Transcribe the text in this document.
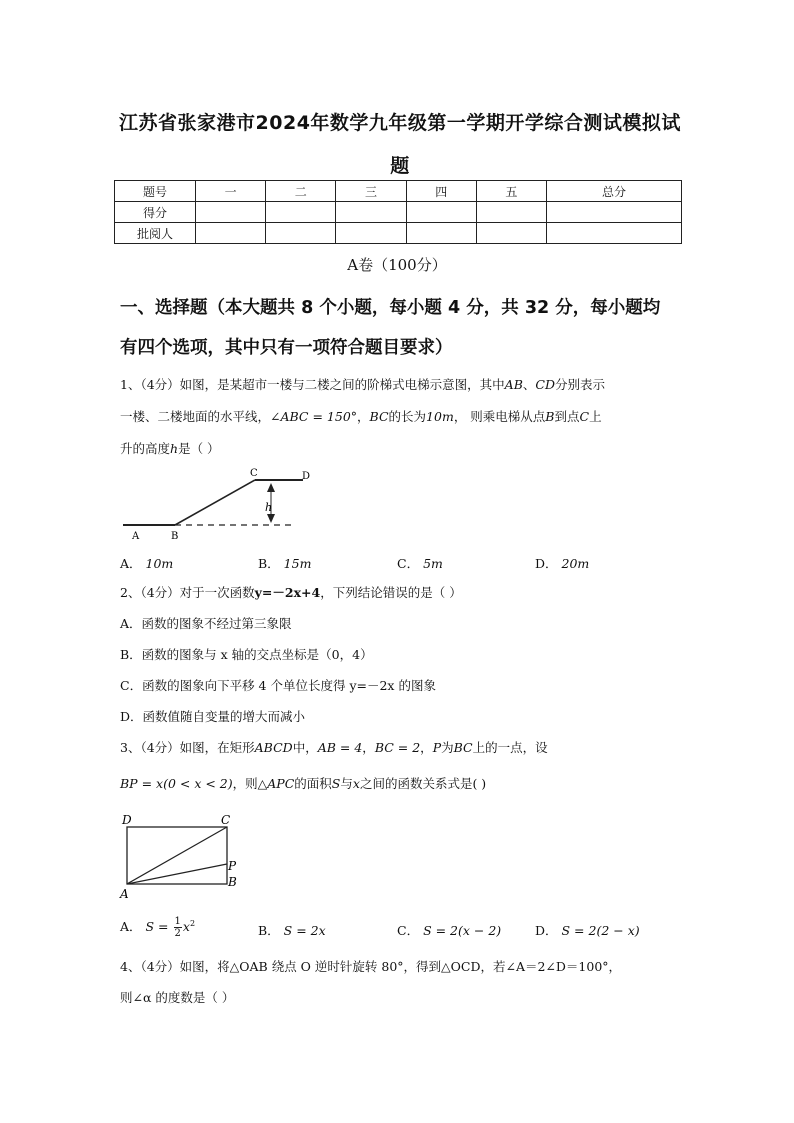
江苏省张家港市2024年数学九年级第一学期开学综合测试模拟试
题
题号	一	二	三	四	五	总分
得分						
批阅人						
A卷（100分）
一、选择题（本大题共 8 个小题，每小题 4 分，共 32 分，每小题均
有四个选项，其中只有一项符合题目要求）
1、（4分）如图，是某超市一楼与二楼之间的阶梯式电梯示意图，其中AB、CD分别表示
一楼、二楼地面的水平线，∠ABC = 150°，BC的长为10m， 则乘电梯从点B到点C上
升的高度h是（ ）
A	B
C	D
h
A． 10m	B． 15m	C． 5m	D． 20m
2、（4分）对于一次函数y=－2x+4，下列结论错误的是（ ）
A．函数的图象不经过第三象限
B．函数的图象与 x 轴的交点坐标是（0，4）
C．函数的图象向下平移 4 个单位长度得 y=－2x 的图象
D．函数值随自变量的增大而减小
3、（4分）如图，在矩形ABCD中，AB = 4，BC = 2，P为BC上的一点，设
BP = x(0 < x < 2)，则△APC的面积S与x之间的函数关系式是( )
D	C
P
B
A
A． $S = \frac{1}{2} x^2$	B． S = 2x	C． S = 2(x − 2)	D． S = 2(2 − x)
4、（4分）如图，将△OAB 绕点 O 逆时针旋转 80°，得到△OCD，若∠A＝2∠D＝100°，
则∠α 的度数是（ ）
